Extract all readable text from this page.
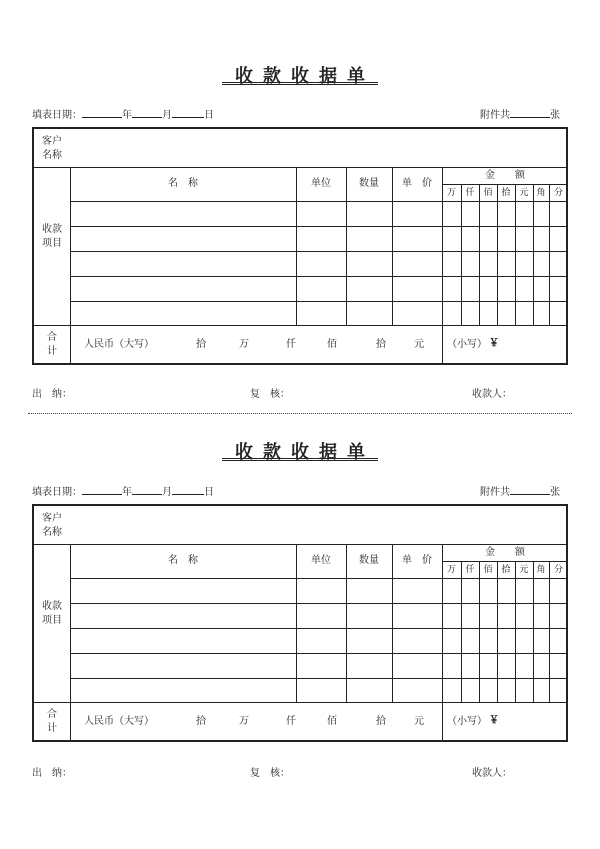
收款收据单
填表日期：	年	月	日	附件共	张
客户
名称
收款
项目
名　称	单位	数量	单　价
金　　额
万	仟 佰 拾 元 角 分
合
计
人民币（大写）	拾	万	仟	佰	拾	元 （小写） ￥
出　纳：	复　核：	收款人：
收款收据单
填表日期：	年	月	日	附件共	张
客户
名称
收款
项目
名　称	单位	数量	单　价
金　　额
万	仟 佰 拾 元 角 分
合
计
人民币（大写）	拾	万	仟	佰	拾	元 （小写） ￥
出　纳：	复　核：	收款人：
